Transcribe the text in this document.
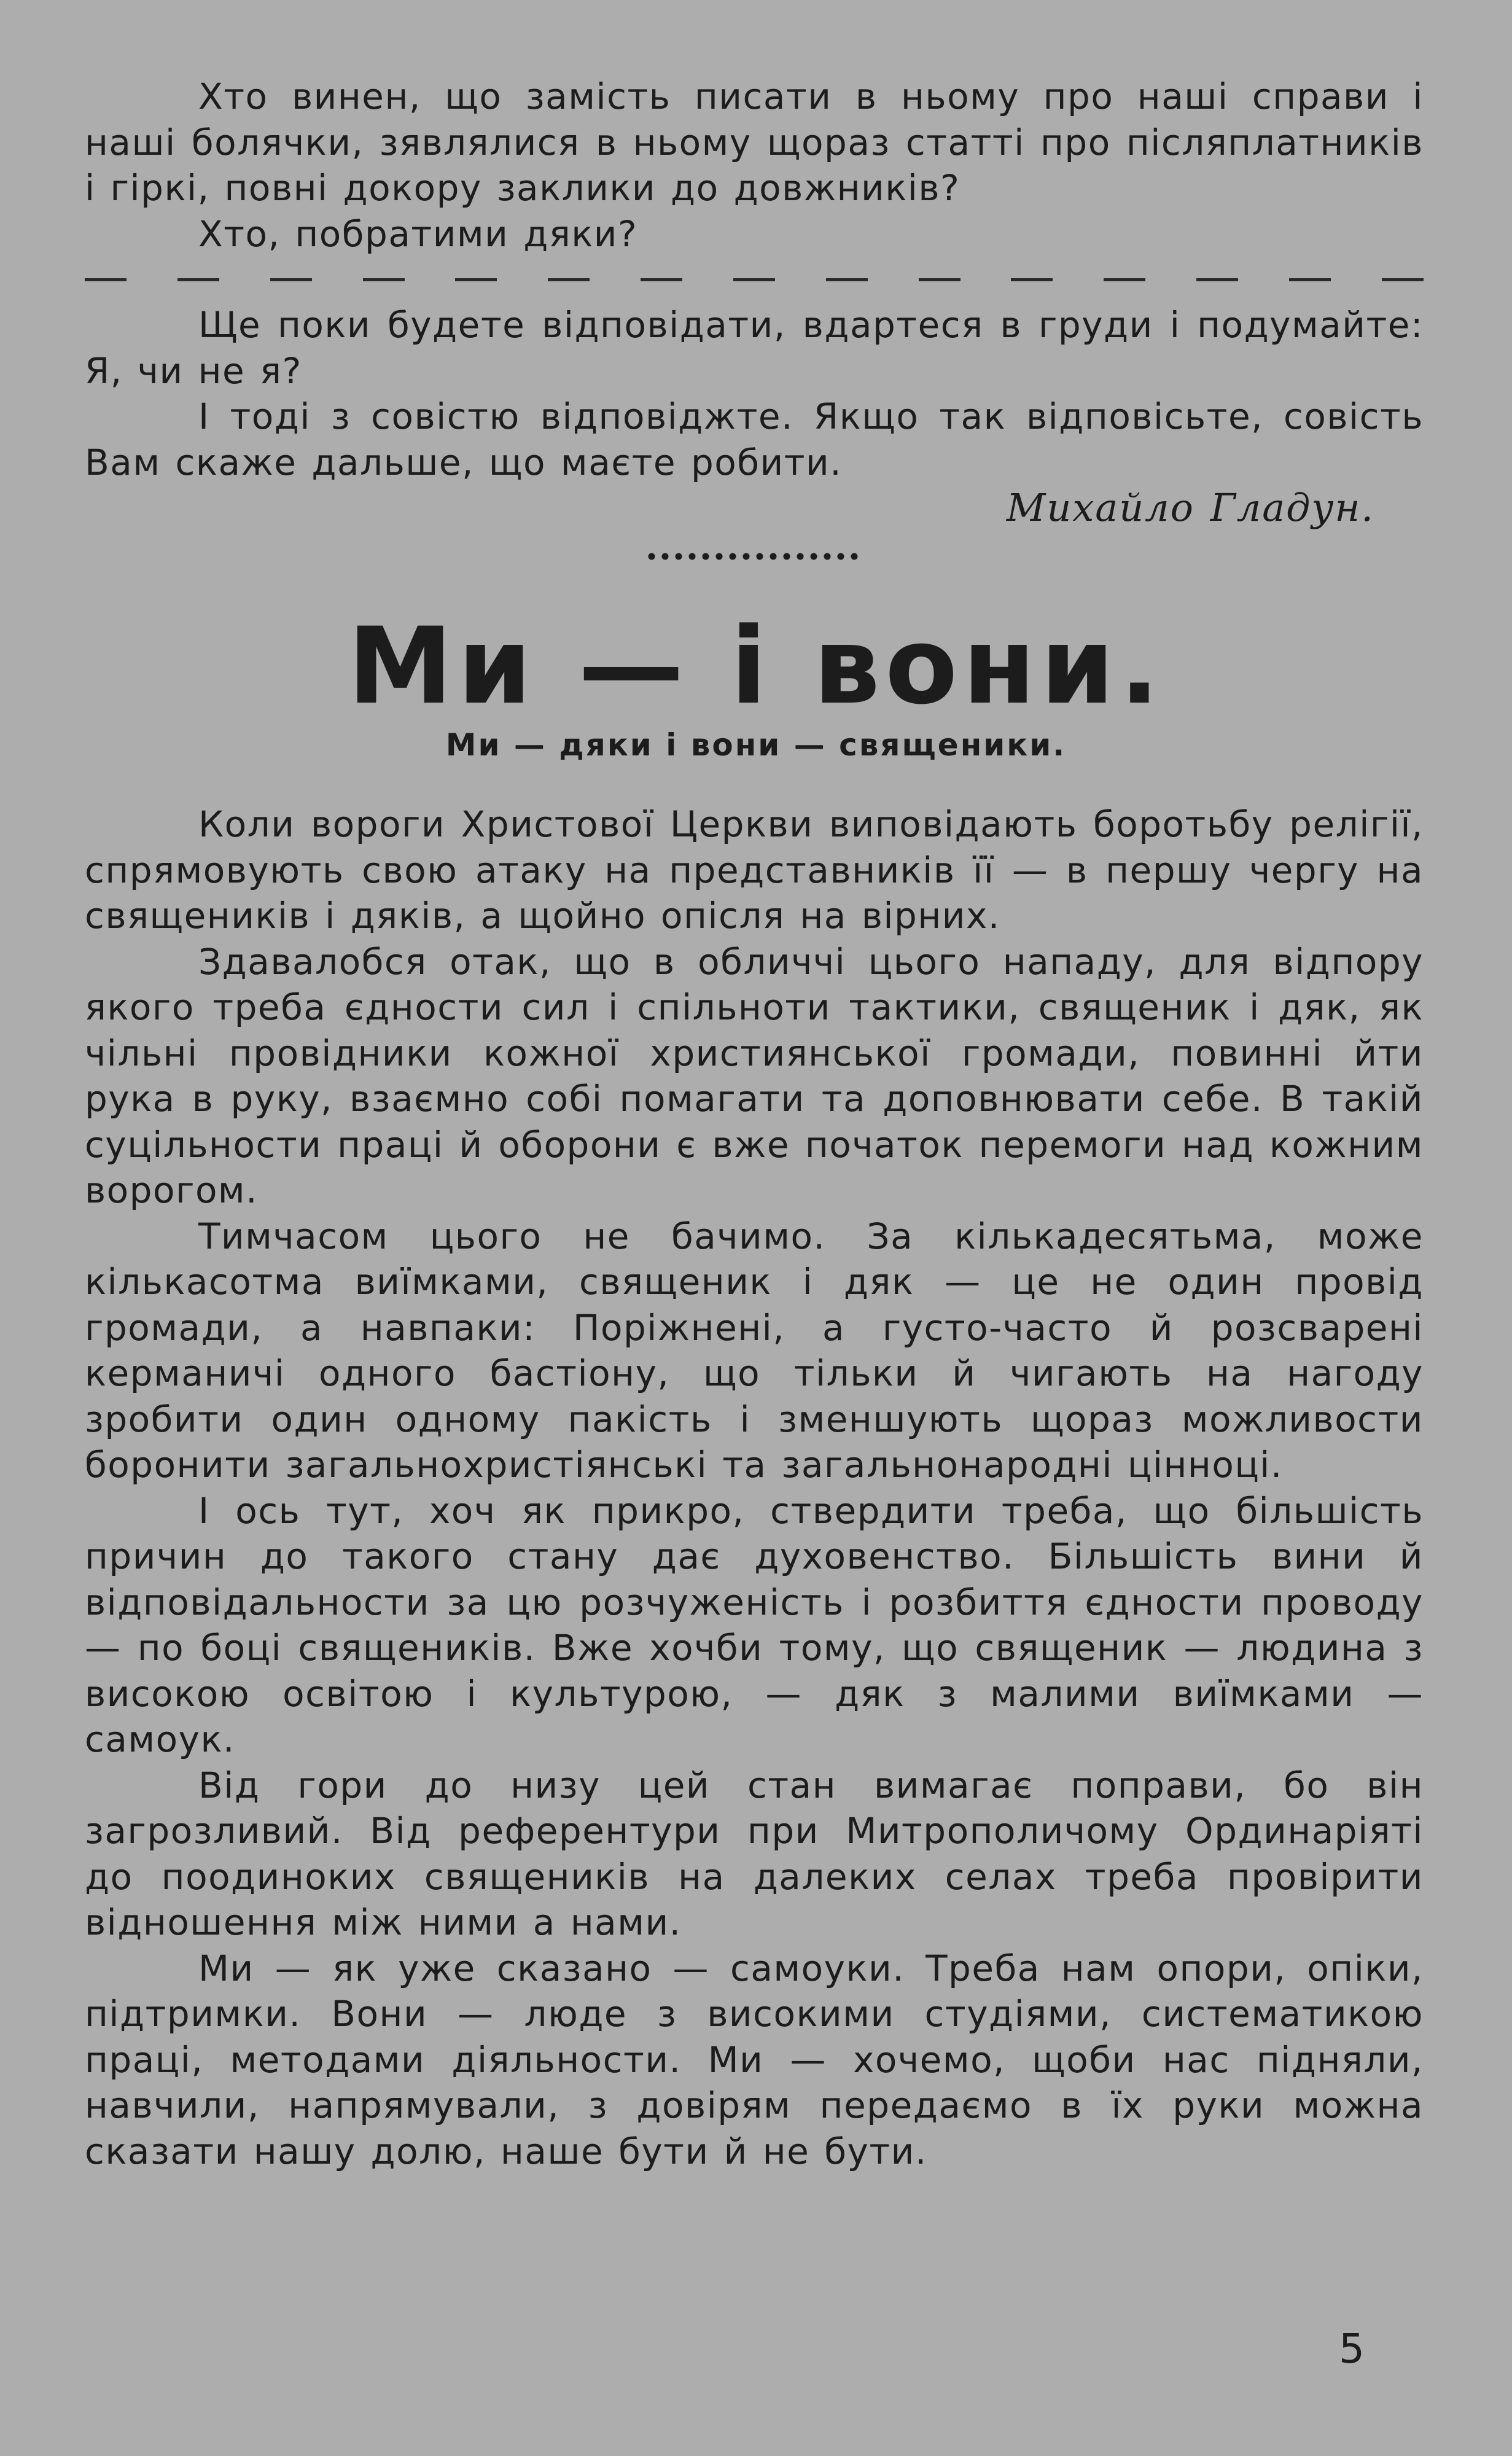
Хто винен, що замість писати в ньому про наші справи і наші болячки, зявлялися в ньому щораз статті про післяплатників і гіркі, повні докору заклики до довжників?

Хто, побратими дяки?

Ще поки будете відповідати, вдартеся в груди і подумайте: Я, чи не я?

І тоді з совістю відповіджте. Якщо так відповісьте, совість Вам скаже дальше, що маєте робити.

Михайло Гладун.

Ми — і вони.
Ми — дяки і вони — священики.

Коли вороги Христової Церкви виповідають боротьбу релігії, спрямовують свою атаку на представників її — в першу чергу на священиків і дяків, а щойно опісля на вірних.

Здавалобся отак, що в обличчі цього нападу, для відпору якого треба єдности сил і спільноти тактики, священик і дяк, як чільні провідники кожної християнської громади, повинні йти рука в руку, взаємно собі помагати та доповнювати себе. В такій суцільности праці й оборони є вже початок перемоги над кожним ворогом.

Тимчасом цього не бачимо. За кількадесятьма, може кількасотма виїмками, священик і дяк — це не один провід громади, а навпаки: Поріжнені, а густо-часто й розсварені керманичі одного бастіону, що тільки й чигають на нагоду зробити один одному пакість і зменшують щораз можливости боронити загальнохристіянські та загальнонародні цінноці.

І ось тут, хоч як прикро, ствердити треба, що більшість причин до такого стану дає духовенство. Більшість вини й відповідальности за цю розчуженість і розбиття єдности проводу — по боці священиків. Вже хочби тому, що священик — людина з високою освітою і культурою, — дяк з малими виїмками — самоук.

Від гори до низу цей стан вимагає поправи, бо він загрозливий. Від референтури при Митрополичому Ординаріяті до поодиноких священиків на далеких селах треба провірити відношення між ними а нами.

Ми — як уже сказано — самоуки. Треба нам опори, опіки, підтримки. Вони — люде з високими студіями, систематикою праці, методами діяльности. Ми — хочемо, щоби нас підняли, навчили, напрямували, з довірям передаємо в їх руки можна сказати нашу долю, наше бути й не бути.

5
